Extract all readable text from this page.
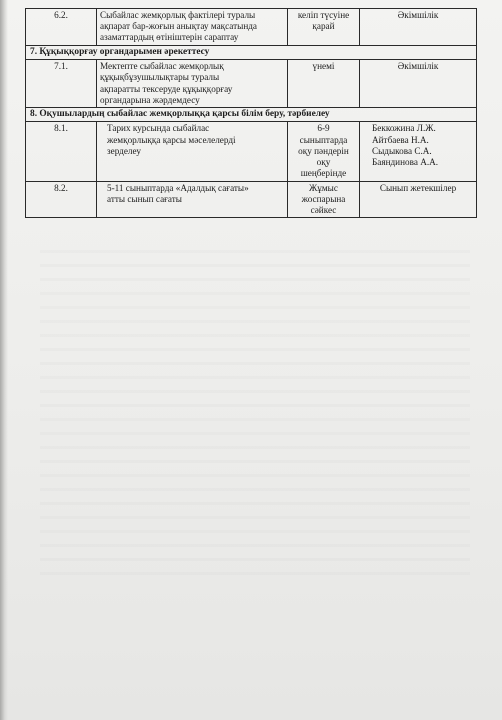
6.2.	Сыбайлас жемқорлық фактілері туралы
ақпарат бар-жоғын анықтау мақсатында
азаматтардың өтініштерін сараптау	келіп түсуіне
қарай	Әкімшілік

7. Құқыққорғау органдарымен әрекеттесу			
7.1.	Мектепте сыбайлас жемқорлық
құқықбұзушылықтары туралы
ақпаратты тексеруде құқыққорғау
органдарына жәрдемдесу	үнемі	Әкімшілік

8. Оқушылардың сыбайлас жемқорлыққа қарсы білім беру, тәрбиелеу			
8.1.	Тарих курсында сыбайлас
жемқорлыққа қарсы мәселелерді
зерделеу	6-9
сыныптарда
оқу пәндерін
оқу
шеңберінде	Беккожина Л.Ж.
Айтбаева Н.А.
Сыдыкова С.А.
Баяндинова А.А.

8.2.	5-11 сыныптарда «Адалдық сағаты»
атты сынып сағаты	Жұмыс
жоспарына
сәйкес	Сынып жетекшілер
